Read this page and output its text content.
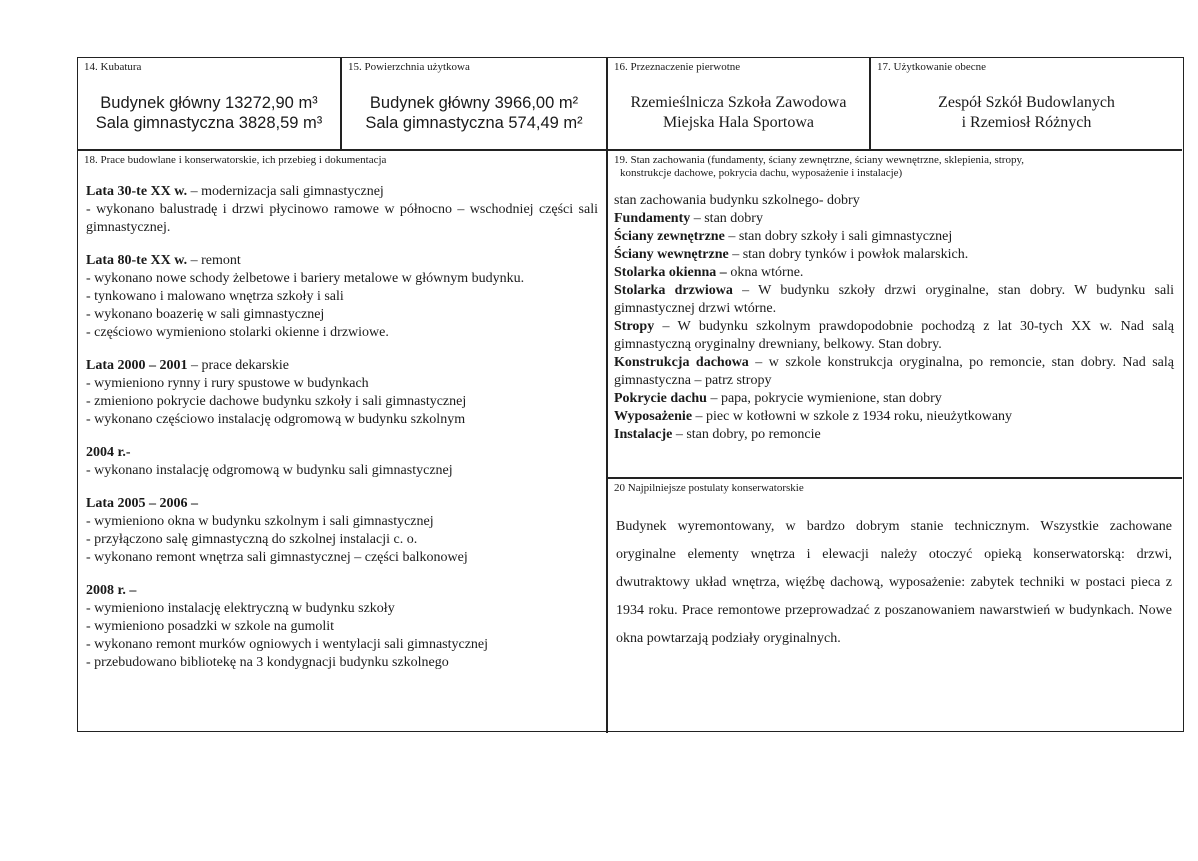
14. Kubatura
Budynek główny 13272,90 m³
Sala gimnastyczna 3828,59 m³
15. Powierzchnia użytkowa
Budynek główny 3966,00 m²
Sala gimnastyczna 574,49 m²
16. Przeznaczenie pierwotne
Rzemieślnicza Szkoła Zawodowa
Miejska Hala Sportowa
17. Użytkowanie obecne
Zespół Szkół Budowlanych
i Rzemiosł Różnych
18. Prace budowlane i konserwatorskie, ich przebieg i dokumentacja

Lata 30-te XX w. – modernizacja sali gimnastycznej

- wykonano balustradę i drzwi płycinowo ramowe w północno – wschodniej części sali gimnastycznej.

Lata 80-te XX w. – remont

- wykonano nowe schody żelbetowe i bariery metalowe w głównym budynku.

- tynkowano i malowano wnętrza szkoły i sali

- wykonano boazerię w sali gimnastycznej

- częściowo wymieniono stolarki okienne i drzwiowe.

Lata 2000 – 2001 – prace dekarskie

- wymieniono rynny i rury spustowe w budynkach

- zmieniono pokrycie dachowe budynku szkoły i sali gimnastycznej

- wykonano częściowo instalację odgromową w budynku szkolnym

2004 r.-

- wykonano instalację odgromową w budynku sali gimnastycznej

Lata 2005 – 2006 –

- wymieniono okna w budynku szkolnym i sali gimnastycznej

- przyłączono salę gimnastyczną do szkolnej instalacji c. o.

- wykonano remont wnętrza sali gimnastycznej – części balkonowej

2008 r. –

- wymieniono instalację elektryczną w budynku szkoły

- wymieniono posadzki w szkole na gumolit

- wykonano remont murków ogniowych i wentylacji sali gimnastycznej

- przebudowano bibliotekę na 3 kondygnacji budynku szkolnego

19. Stan zachowania (fundamenty, ściany zewnętrzne, ściany wewnętrzne, sklepienia, stropy,
konstrukcje dachowe, pokrycia dachu, wyposażenie i instalacje)

stan zachowania budynku szkolnego- dobry

Fundamenty – stan dobry

Ściany zewnętrzne – stan dobry szkoły i sali gimnastycznej

Ściany wewnętrzne – stan dobry tynków i powłok malarskich.

Stolarka okienna – okna wtórne.

Stolarka drzwiowa – W budynku szkoły drzwi oryginalne, stan dobry. W budynku sali gimnastycznej drzwi wtórne.

Stropy – W budynku szkolnym prawdopodobnie pochodzą z lat 30-tych XX w. Nad salą gimnastyczną oryginalny drewniany, belkowy. Stan dobry.

Konstrukcja dachowa – w szkole konstrukcja oryginalna, po remoncie, stan dobry. Nad salą gimnastyczna – patrz stropy

Pokrycie dachu – papa, pokrycie wymienione, stan dobry

Wyposażenie – piec w kotłowni w szkole z 1934 roku, nieużytkowany

Instalacje – stan dobry, po remoncie

20 Najpilniejsze postulaty konserwatorskie
Budynek wyremontowany, w bardzo dobrym stanie technicznym. Wszystkie zachowane oryginalne elementy wnętrza i elewacji należy otoczyć opieką konserwatorską: drzwi, dwutraktowy układ wnętrza, więźbę dachową, wyposażenie: zabytek techniki w postaci pieca z 1934 roku. Prace remontowe przeprowadzać z poszanowaniem nawarstwień w budynkach. Nowe okna powtarzają podziały oryginalnych.
